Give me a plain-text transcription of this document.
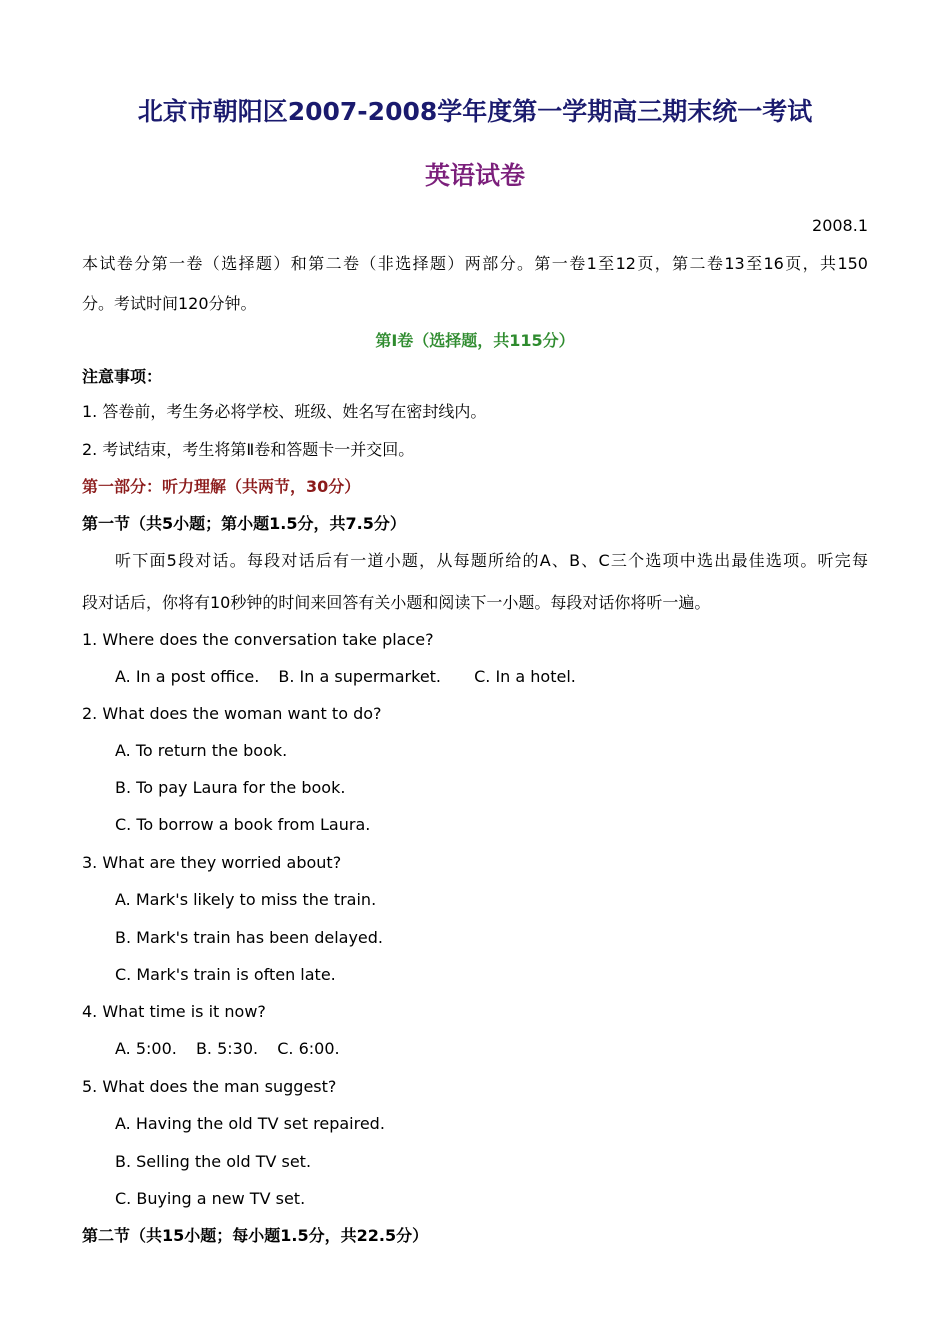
北京市朝阳区2007-2008学年度第一学期高三期末统一考试
英语试卷
2008.1
本试卷分第一卷（选择题）和第二卷（非选择题）两部分。第一卷1至12页，第二卷13至16页，共150
分。考试时间120分钟。
第Ⅰ卷（选择题，共115分）
注意事项：
1. 答卷前，考生务必将学校、班级、姓名写在密封线内。
2. 考试结束，考生将第Ⅱ卷和答题卡一并交回。
第一部分：听力理解（共两节，30分）
第一节（共5小题；第小题1.5分，共7.5分）
听下面5段对话。每段对话后有一道小题，从每题所给的A、B、C三个选项中选出最佳选项。听完每
段对话后，你将有10秒钟的时间来回答有关小题和阅读下一小题。每段对话你将听一遍。
1. Where does the conversation take place?
A. In a post office. B. In a supermarket. C. In a hotel.
2. What does the woman want to do?
A. To return the book.
B. To pay Laura for the book.
C. To borrow a book from Laura.
3. What are they worried about?
A. Mark's likely to miss the train.
B. Mark's train has been delayed.
C. Mark's train is often late.
4. What time is it now?
A. 5:00. B. 5:30. C. 6:00.
5. What does the man suggest?
A. Having the old TV set repaired.
B. Selling the old TV set.
C. Buying a new TV set.
第二节（共15小题；每小题1.5分，共22.5分）
